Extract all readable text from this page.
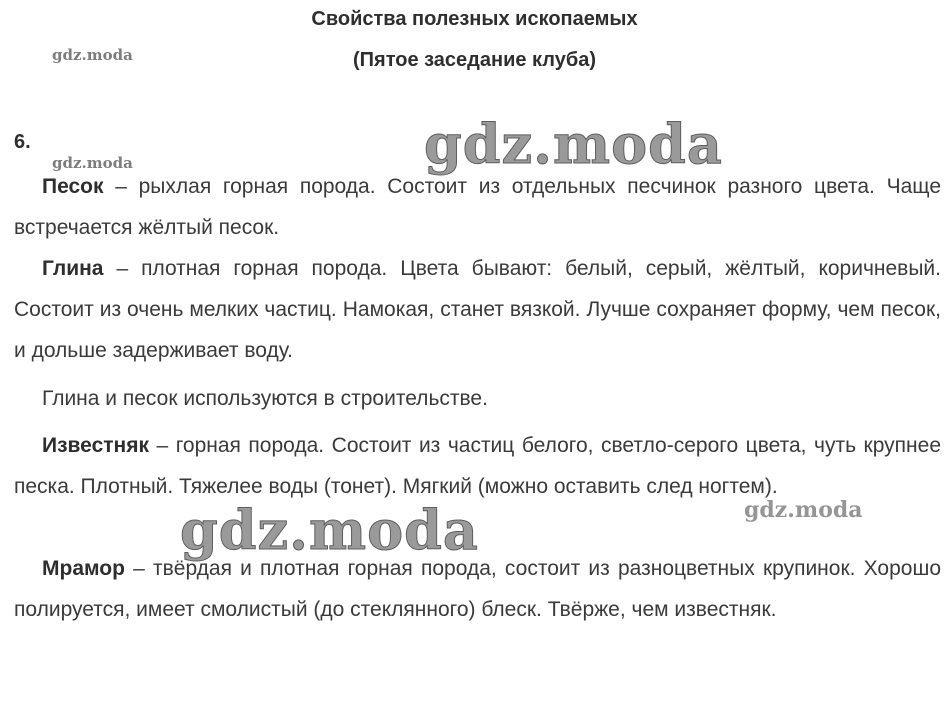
Свойства полезных ископаемых
(Пятое заседание клуба)
6.
Песок – рыхлая горная порода. Состоит из отдельных песчинок разного цвета. Чаще встречается жёлтый песок.
Глина – плотная горная порода. Цвета бывают: белый, серый, жёлтый, коричневый. Состоит из очень мелких частиц. Намокая, станет вязкой. Лучше сохраняет форму, чем песок, и дольше задерживает воду.
Глина и песок используются в строительстве.
Известняк – горная порода. Состоит из частиц белого, светло-серого цвета, чуть крупнее песка. Плотный. Тяжелее воды (тонет). Мягкий (можно оставить след ногтем).
Мрамор – твёрдая и плотная горная порода, состоит из разноцветных крупинок. Хорошо полируется, имеет смолистый (до стеклянного) блеск. Твёрже, чем известняк.
gdz.moda
gdz.moda	gdz.moda
gdz.moda	gdz.moda
